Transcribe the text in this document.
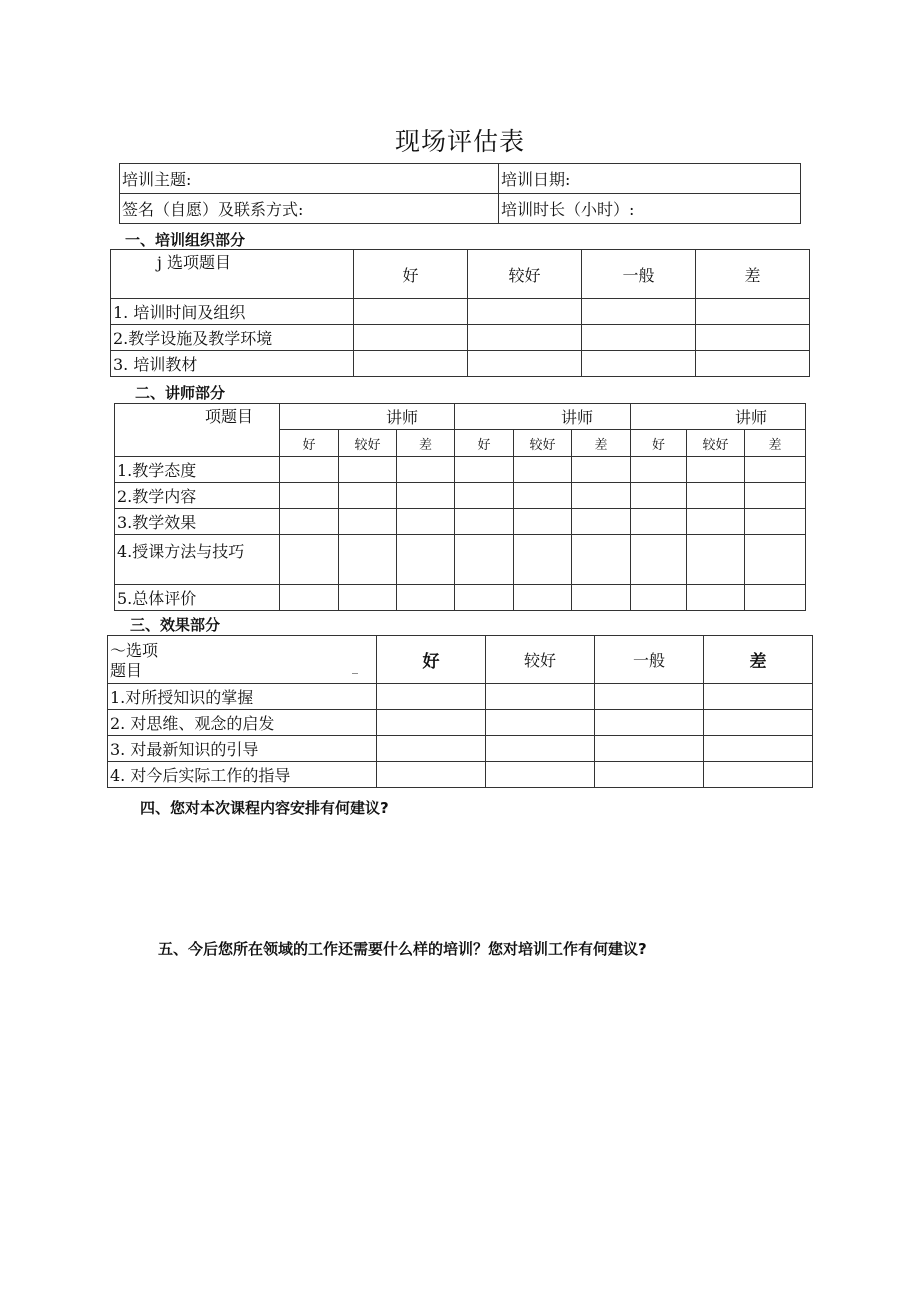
现场评估表
培训主题:	培训日期:
签名（自愿）及联系方式:	培训时长（小时）:
一、培训组织部分
j 选项题目	好	较好	一般	差
1. 培训时间及组织				
2.教学设施及教学环境				
3. 培训教材				
二、讲师部分
项题目	讲师			讲师			讲师		
	好	较好	差	好	较好	差	好	较好	差
1.教学态度									
2.教学内容									
3.教学效果									
4.授课方法与技巧									
5.总体评价									
三、效果部分
～选项
题目 _	好	较好	一般	差
1.对所授知识的掌握				
2. 对思维、观念的启发				
3. 对最新知识的引导				
4. 对今后实际工作的指导				
四、您对本次课程内容安排有何建议?
五、今后您所在领域的工作还需要什么样的培训？您对培训工作有何建议?
